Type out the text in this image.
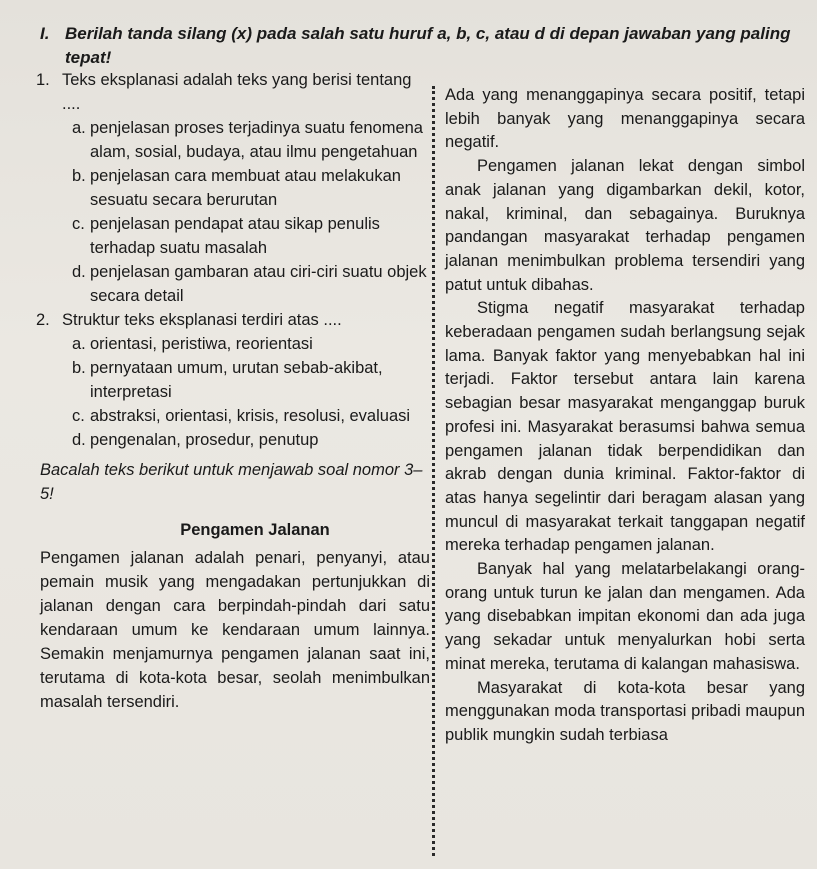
I. Berilah tanda silang (x) pada salah satu huruf a, b, c, atau d di depan jawaban yang paling tepat!
1. Teks eksplanasi adalah teks yang berisi tentang ....
a. penjelasan proses terjadinya suatu fenomena alam, sosial, budaya, atau ilmu pengetahuan
b. penjelasan cara membuat atau melakukan sesuatu secara berurutan
c. penjelasan pendapat atau sikap penulis terhadap suatu masalah
d. penjelasan gambaran atau ciri-ciri suatu objek secara detail
2. Struktur teks eksplanasi terdiri atas ....
a. orientasi, peristiwa, reorientasi
b. pernyataan umum, urutan sebab-akibat, interpretasi
c. abstraksi, orientasi, krisis, resolusi, evaluasi
d. pengenalan, prosedur, penutup
Bacalah teks berikut untuk menjawab soal nomor 3–5!
Pengamen Jalanan
Pengamen jalanan adalah penari, penyanyi, atau pemain musik yang mengadakan pertunjukkan di jalanan dengan cara berpindah-pindah dari satu kendaraan umum ke kendaraan umum lainnya. Semakin menjamurnya pengamen jalanan saat ini, terutama di kota-kota besar, seolah menimbulkan masalah tersendiri.

Ada yang menanggapinya secara positif, tetapi lebih banyak yang menanggapinya secara negatif.

Pengamen jalanan lekat dengan simbol anak jalanan yang digambarkan dekil, kotor, nakal, kriminal, dan sebagainya. Buruknya pandangan masyarakat terhadap pengamen jalanan menimbulkan problema tersendiri yang patut untuk dibahas.

Stigma negatif masyarakat terhadap keberadaan pengamen sudah berlangsung sejak lama. Banyak faktor yang menyebabkan hal ini terjadi. Faktor tersebut antara lain karena sebagian besar masyarakat menganggap buruk profesi ini. Masyarakat berasumsi bahwa semua pengamen jalanan tidak berpendidikan dan akrab dengan dunia kriminal. Faktor-faktor di atas hanya segelintir dari beragam alasan yang muncul di masyarakat terkait tanggapan negatif mereka terhadap pengamen jalanan.

Banyak hal yang melatarbelakangi orang-orang untuk turun ke jalan dan mengamen. Ada yang disebabkan impitan ekonomi dan ada juga yang sekadar untuk menyalurkan hobi serta minat mereka, terutama di kalangan mahasiswa.

Masyarakat di kota-kota besar yang menggunakan moda transportasi pribadi maupun publik mungkin sudah terbiasa
